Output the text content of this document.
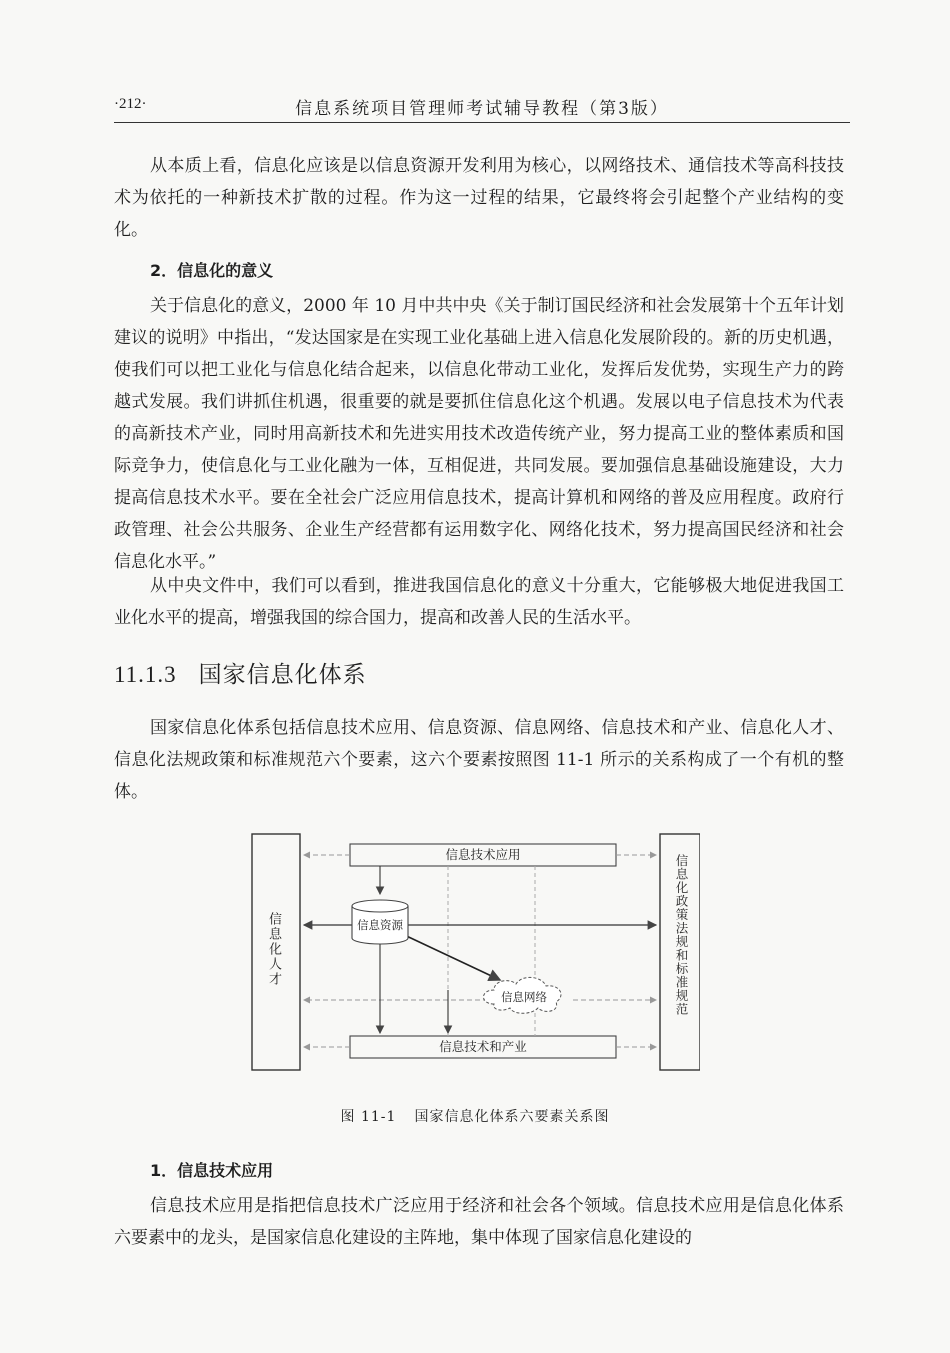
·212·	信息系统项目管理师考试辅导教程（第3版）

从本质上看，信息化应该是以信息资源开发利用为核心，以网络技术、通信技术等高科技技术为依托的一种新技术扩散的过程。作为这一过程的结果，它最终将会引起整个产业结构的变化。

2．信息化的意义

关于信息化的意义，2000 年 10 月中共中央《关于制订国民经济和社会发展第十个五年计划建议的说明》中指出，“发达国家是在实现工业化基础上进入信息化发展阶段的。新的历史机遇，使我们可以把工业化与信息化结合起来，以信息化带动工业化，发挥后发优势，实现生产力的跨越式发展。我们讲抓住机遇，很重要的就是要抓住信息化这个机遇。发展以电子信息技术为代表的高新技术产业，同时用高新技术和先进实用技术改造传统产业，努力提高工业的整体素质和国际竞争力，使信息化与工业化融为一体，互相促进，共同发展。要加强信息基础设施建设，大力提高信息技术水平。要在全社会广泛应用信息技术，提高计算机和网络的普及应用程度。政府行政管理、社会公共服务、企业生产经营都有运用数字化、网络化技术，努力提高国民经济和社会信息化水平。”

从中央文件中，我们可以看到，推进我国信息化的意义十分重大，它能够极大地促进我国工业化水平的提高，增强我国的综合国力，提高和改善人民的生活水平。

11.1.3 国家信息化体系

国家信息化体系包括信息技术应用、信息资源、信息网络、信息技术和产业、信息化人才、信息化法规政策和标准规范六个要素，这六个要素按照图 11-1 所示的关系构成了一个有机的整体。

信息技术应用
信息技术和产业
信息资源
信息网络
信息化人才	信息化政策法规和标准规范
图 11-1 国家信息化体系六要素关系图
1．信息技术应用

信息技术应用是指把信息技术广泛应用于经济和社会各个领域。信息技术应用是信息化体系六要素中的龙头，是国家信息化建设的主阵地，集中体现了国家信息化建设的
